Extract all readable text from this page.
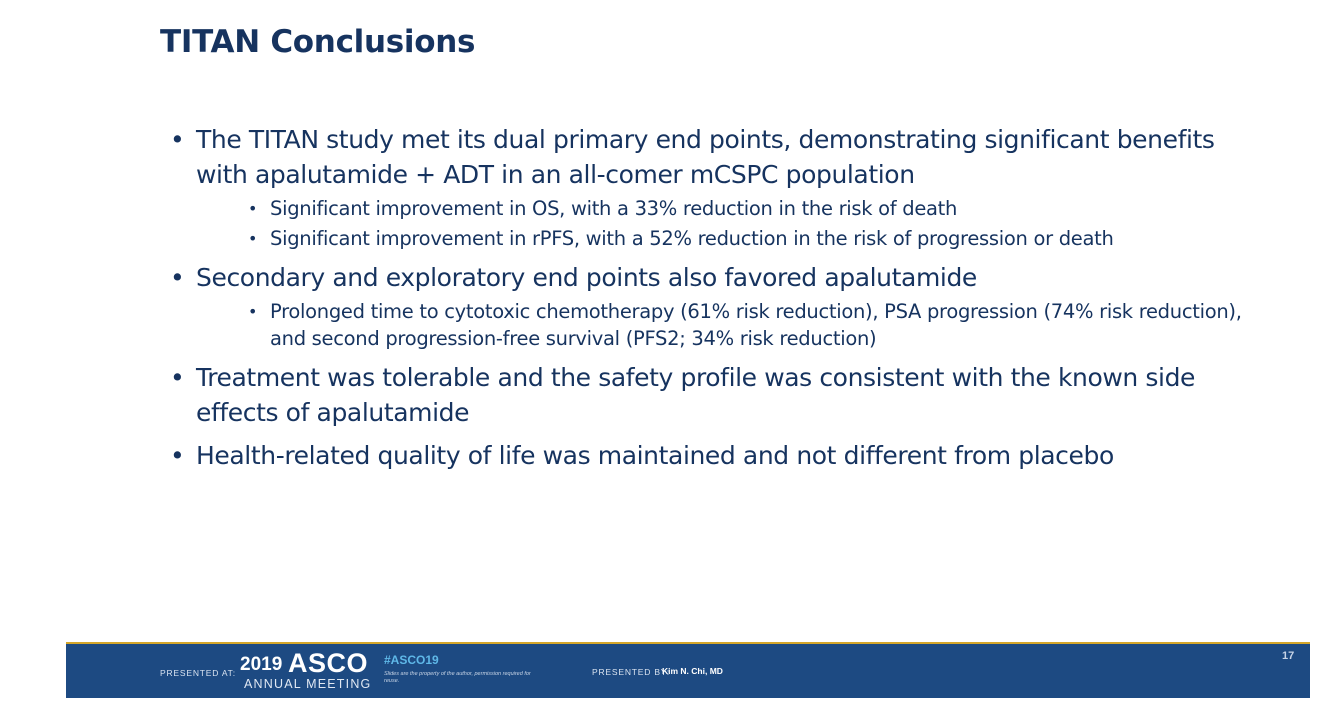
TITAN Conclusions
• The TITAN study met its dual primary end points, demonstrating significant benefits with apalutamide + ADT in an all-comer mCSPC population
• Significant improvement in OS, with a 33% reduction in the risk of death
• Significant improvement in rPFS, with a 52% reduction in the risk of progression or death
• Secondary and exploratory end points also favored apalutamide
• Prolonged time to cytotoxic chemotherapy (61% risk reduction), PSA progression (74% risk reduction), and second progression-free survival (PFS2; 34% risk reduction)
• Treatment was tolerable and the safety profile was consistent with the known side effects of apalutamide
• Health-related quality of life was maintained and not different from placebo
PRESENTED AT: 2019 ASCO
ANNUAL MEETING
#ASCO19
Slides are the property of the author, permission required for reuse.
PRESENTED BY:
Kim N. Chi, MD
17
